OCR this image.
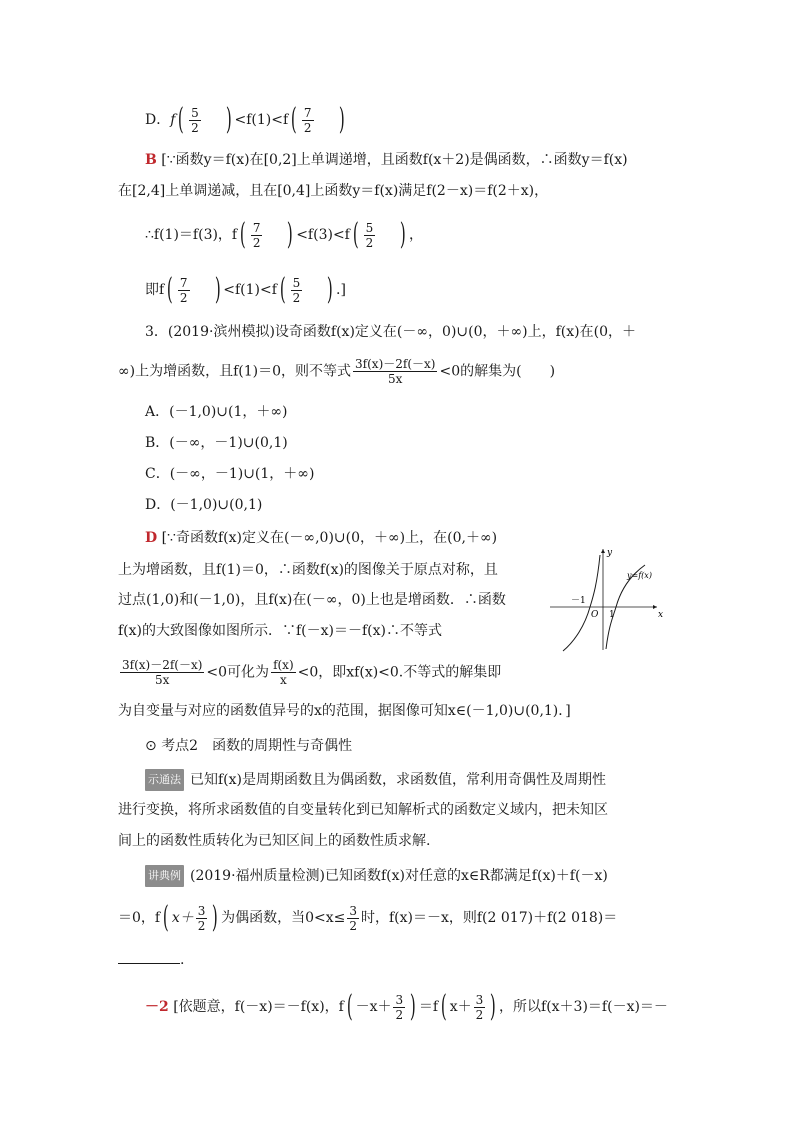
D．$f( \frac{5}{2}$ ) $<f(1)<f( \frac{7}{2}$ )
B [∵函数y＝f(x)在[0,2]上单调递增，且函数f(x＋2)是偶函数，∴函数y＝f(x)
在[2,4]上单调递减，且在[0,4]上函数y＝f(x)满足f(2－x)＝f(2＋x)，
∴f(1)＝f(3)，$f( \frac{7}{2}$ ) $<f(3)<f( \frac{5}{2}$ ) ，
即$f( \frac{7}{2}$ ) $<f(1)<f( \frac{5}{2}$ ) .]
3．(2019·滨州模拟)设奇函数f(x)定义在(－∞，0)∪(0，＋∞)上，f(x)在(0，＋
∞)上为增函数，且f(1)＝0，则不等式 $\frac{3f(x)-2f(-x)}{5x} <0$的解集为(　　)
A．(－1,0)∪(1，＋∞)
B．(－∞，－1)∪(0,1)
C．(－∞，－1)∪(1，＋∞)
D．(－1,0)∪(0,1)
D [∵奇函数f(x)定义在(－∞,0)∪(0，＋∞)上，在(0,＋∞)
上为增函数，且f(1)＝0，∴函数f(x)的图像关于原点对称，且
过点(1,0)和(－1,0)，且f(x)在(－∞，0)上也是增函数．∴函数
f(x)的大致图像如图所示．∵f(－x)＝－f(x)∴不等式
$\frac{3f(x)-2f(-x)}{5x} <0$可化为 $\frac{f(x)}{x} <0$，即xf(x)<0.不等式的解集即
为自变量与对应的函数值异号的x的范围，据图像可知x∈(－1,0)∪(0,1)．]
y
x
y=f(x)
O
－1
1
⊙ 考点2　函数的周期性与奇偶性
示通法 已知f(x)是周期函数且为偶函数，求函数值，常利用奇偶性及周期性
进行变换，将所求函数值的自变量转化到已知解析式的函数定义域内，把未知区
间上的函数性质转化为已知区间上的函数性质求解.
讲典例 (2019·福州质量检测)已知函数f(x)对任意的x∈R都满足f(x)＋f(－x)
＝0，f( $x+ \frac{3}{2}$ ) 为偶函数，当$0<x\le \frac{3}{2}$ 时，f(x)＝－x，则f(2 017)＋f(2 018)＝
.
－2 [依题意，f(－x)＝－f(x)，$f( -x+ \frac{3}{2}$ ) ＝f( $x+ \frac{3}{2}$ ) ，所以f(x＋3)＝f(－x)＝－
